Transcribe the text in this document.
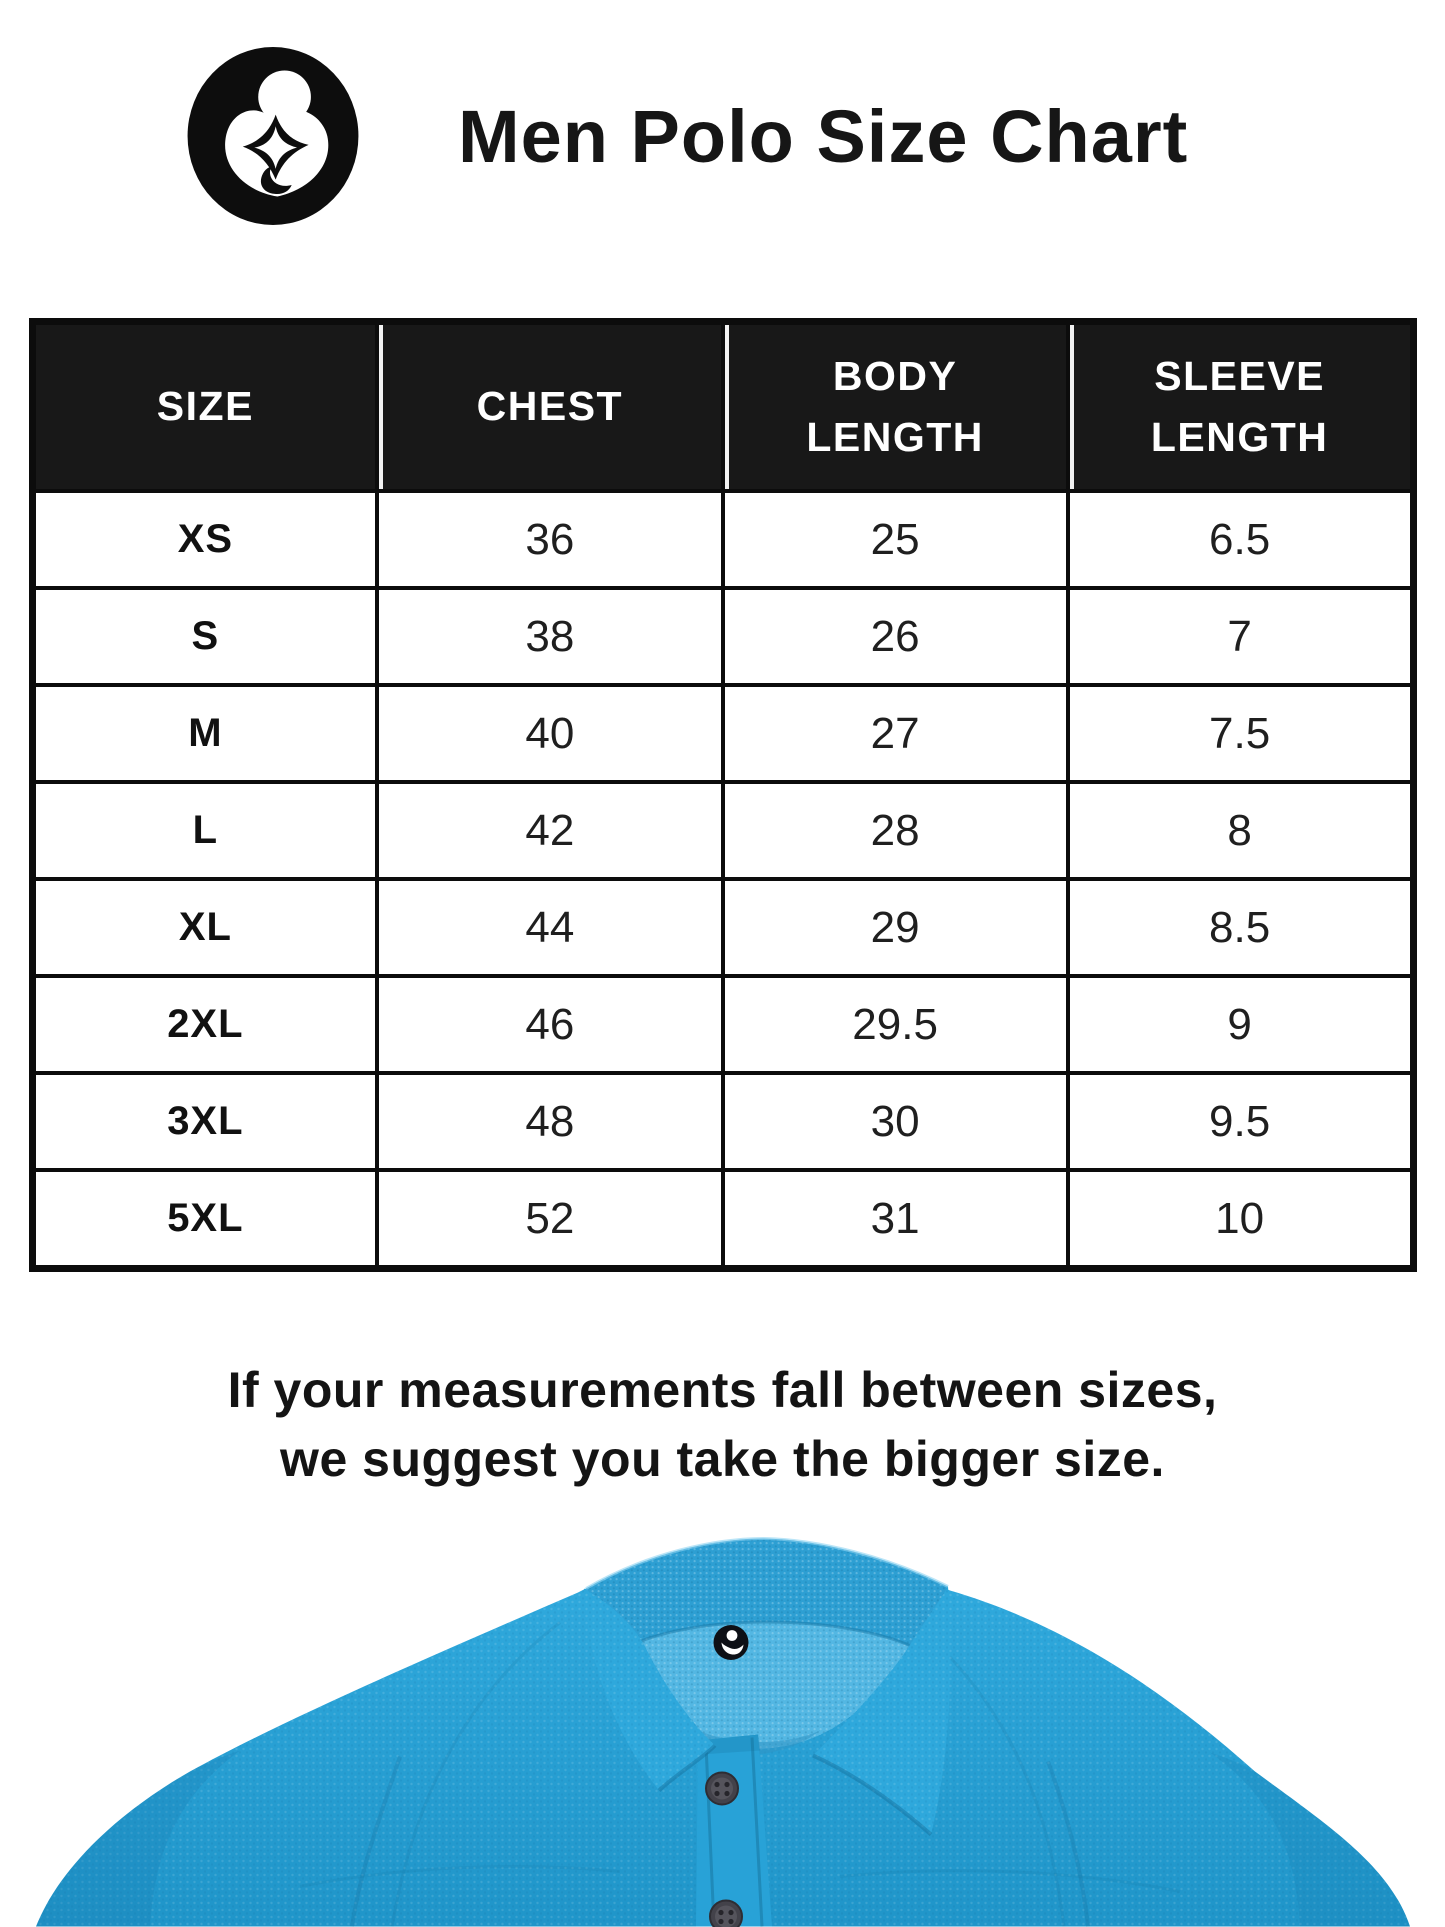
Men Polo Size Chart
SIZE	CHEST	BODY LENGTH	SLEEVE LENGTH
XS	36	25	6.5
S	38	26	7
M	40	27	7.5
L	42	28	8
XL	44	29	8.5
2XL	46	29.5	9
3XL	48	30	9.5
5XL	52	31	10

If your measurements fall between sizes,
we suggest you take the bigger size.
